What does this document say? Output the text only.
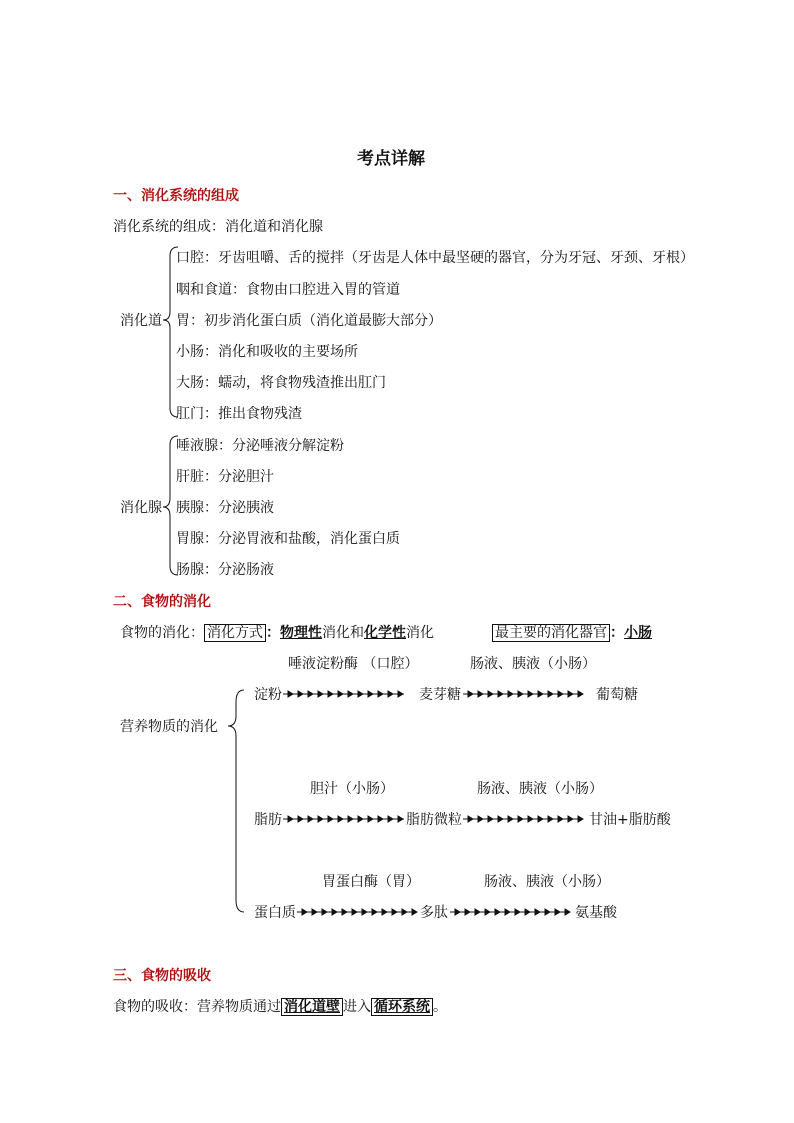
考点详解
一、消化系统的组成
消化系统的组成：消化道和消化腺
消化道
口腔：牙齿咀嚼、舌的搅拌（牙齿是人体中最坚硬的器官，分为牙冠、牙颈、牙根）
咽和食道：食物由口腔进入胃的管道
胃：初步消化蛋白质（消化道最膨大部分）
小肠：消化和吸收的主要场所
大肠：蠕动，将食物残渣推出肛门
肛门：推出食物残渣
消化腺
唾液腺：分泌唾液分解淀粉
肝脏：分泌胆汁
胰腺：分泌胰液
胃腺：分泌胃液和盐酸，消化蛋白质
肠腺：分泌肠液
二、食物的消化
食物的消化： 消化方式 ：物理性消化和化学性消化	最主要的消化器官 ：小肠
营养物质的消化
唾液淀粉酶 （口腔）	肠液、胰液（小肠）
淀粉	麦芽糖	葡萄糖
胆汁（小肠）	肠液、胰液（小肠）
脂肪	脂肪微粒	甘油+脂肪酸
胃蛋白酶（胃）	肠液、胰液（小肠）
蛋白质	多肽	氨基酸
三、食物的吸收
食物的吸收：营养物质通过 消化道壁 进入 循环系统 。
